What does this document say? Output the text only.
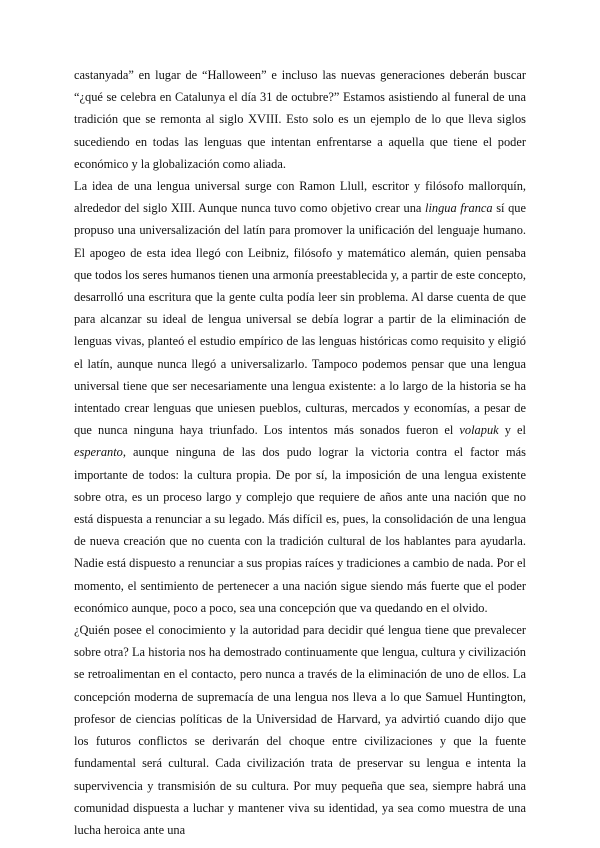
castanyada” en lugar de “Halloween” e incluso las nuevas generaciones deberán buscar “¿qué se celebra en Catalunya el día 31 de octubre?” Estamos asistiendo al funeral de una tradición que se remonta al siglo XVIII. Esto solo es un ejemplo de lo que lleva siglos sucediendo en todas las lenguas que intentan enfrentarse a aquella que tiene el poder económico y la globalización como aliada.

La idea de una lengua universal surge con Ramon Llull, escritor y filósofo mallorquín, alrededor del siglo XIII. Aunque nunca tuvo como objetivo crear una lingua franca sí que propuso una universalización del latín para promover la unificación del lenguaje humano. El apogeo de esta idea llegó con Leibniz, filósofo y matemático alemán, quien pensaba que todos los seres humanos tienen una armonía preestablecida y, a partir de este concepto, desarrolló una escritura que la gente culta podía leer sin problema. Al darse cuenta de que para alcanzar su ideal de lengua universal se debía lograr a partir de la eliminación de lenguas vivas, planteó el estudio empírico de las lenguas históricas como requisito y eligió el latín, aunque nunca llegó a universalizarlo. Tampoco podemos pensar que una lengua universal tiene que ser necesariamente una lengua existente: a lo largo de la historia se ha intentado crear lenguas que uniesen pueblos, culturas, mercados y economías, a pesar de que nunca ninguna haya triunfado. Los intentos más sonados fueron el volapuk y el esperanto, aunque ninguna de las dos pudo lograr la victoria contra el factor más importante de todos: la cultura propia. De por sí, la imposición de una lengua existente sobre otra, es un proceso largo y complejo que requiere de años ante una nación que no está dispuesta a renunciar a su legado. Más difícil es, pues, la consolidación de una lengua de nueva creación que no cuenta con la tradición cultural de los hablantes para ayudarla. Nadie está dispuesto a renunciar a sus propias raíces y tradiciones a cambio de nada. Por el momento, el sentimiento de pertenecer a una nación sigue siendo más fuerte que el poder económico aunque, poco a poco, sea una concepción que va quedando en el olvido.

¿Quién posee el conocimiento y la autoridad para decidir qué lengua tiene que prevalecer sobre otra? La historia nos ha demostrado continuamente que lengua, cultura y civilización se retroalimentan en el contacto, pero nunca a través de la eliminación de uno de ellos. La concepción moderna de supremacía de una lengua nos lleva a lo que Samuel Huntington, profesor de ciencias políticas de la Universidad de Harvard, ya advirtió cuando dijo que los futuros conflictos se derivarán del choque entre civilizaciones y que la fuente fundamental será cultural. Cada civilización trata de preservar su lengua e intenta la supervivencia y transmisión de su cultura. Por muy pequeña que sea, siempre habrá una comunidad dispuesta a luchar y mantener viva su identidad, ya sea como muestra de una lucha heroica ante una
